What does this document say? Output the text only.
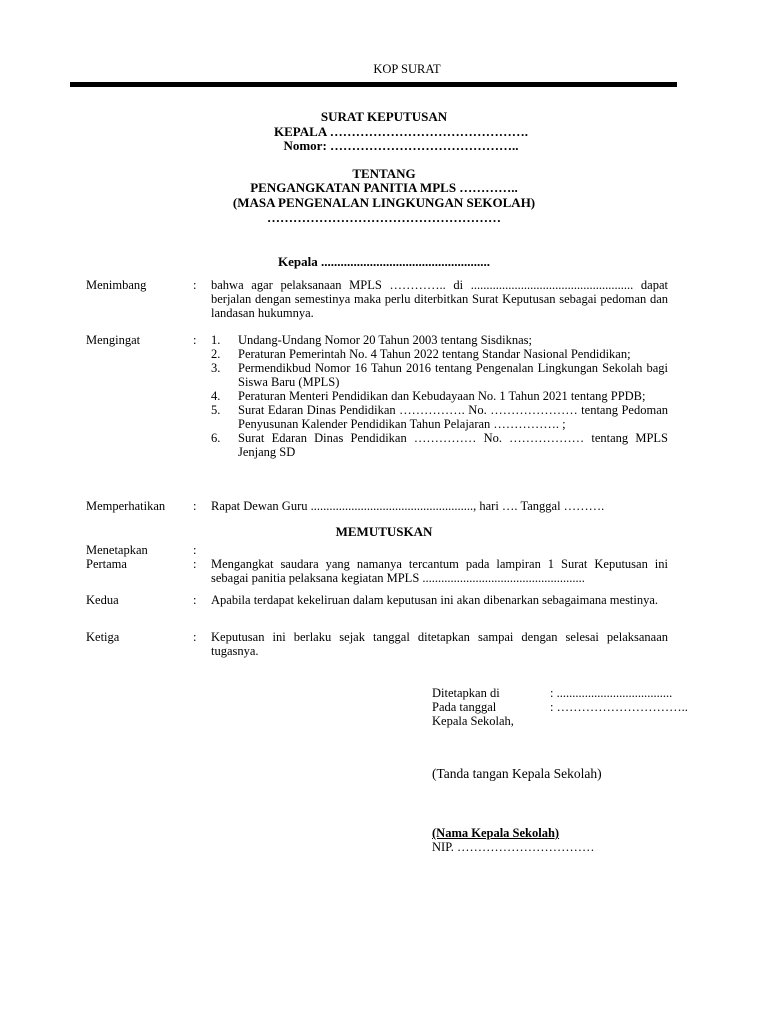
KOP SURAT
SURAT KEPUTUSAN
KEPALA ……………………………………….
Nomor: ……………………………………..
TENTANG
PENGANGKATAN PANITIA MPLS …………..
(MASA PENGENALAN LINGKUNGAN SEKOLAH)
………………………………………………
Kepala ....................................................
Menimbang	: bahwa agar pelaksanaan MPLS ………….. di .................................................... dapat berjalan dengan semestinya maka perlu diterbitkan Surat Keputusan sebagai pedoman dan landasan hukumnya.
Mengingat	: 1. Undang-Undang Nomor 20 Tahun 2003 tentang Sisdiknas;
2. Peraturan Pemerintah No. 4 Tahun 2022 tentang Standar Nasional Pendidikan;
3. Permendikbud Nomor 16 Tahun 2016 tentang Pengenalan Lingkungan Sekolah bagi Siswa Baru (MPLS)
4. Peraturan Menteri Pendidikan dan Kebudayaan No. 1 Tahun 2021 tentang PPDB;
5. Surat Edaran Dinas Pendidikan ……………. No. ………………… tentang Pedoman Penyusunan Kalender Pendidikan Tahun Pelajaran ……………. ;
6. Surat Edaran Dinas Pendidikan …………… No. ……………… tentang MPLS Jenjang SD
Memperhatikan	: Rapat Dewan Guru ...................................................., hari …. Tanggal ……….
MEMUTUSKAN
Menetapkan	:
Pertama	: Mengangkat saudara yang namanya tercantum pada lampiran 1 Surat Keputusan ini sebagai panitia pelaksana kegiatan MPLS ....................................................
Kedua	: Apabila terdapat kekeliruan dalam keputusan ini akan dibenarkan sebagaimana mestinya.
Ketiga	: Keputusan ini berlaku sejak tanggal ditetapkan sampai dengan selesai pelaksanaan tugasnya.
Ditetapkan di	: .....................................
Pada tanggal	: …………………………..
Kepala Sekolah,
(Tanda tangan Kepala Sekolah)
(Nama Kepala Sekolah)
NIP. ……………………………
